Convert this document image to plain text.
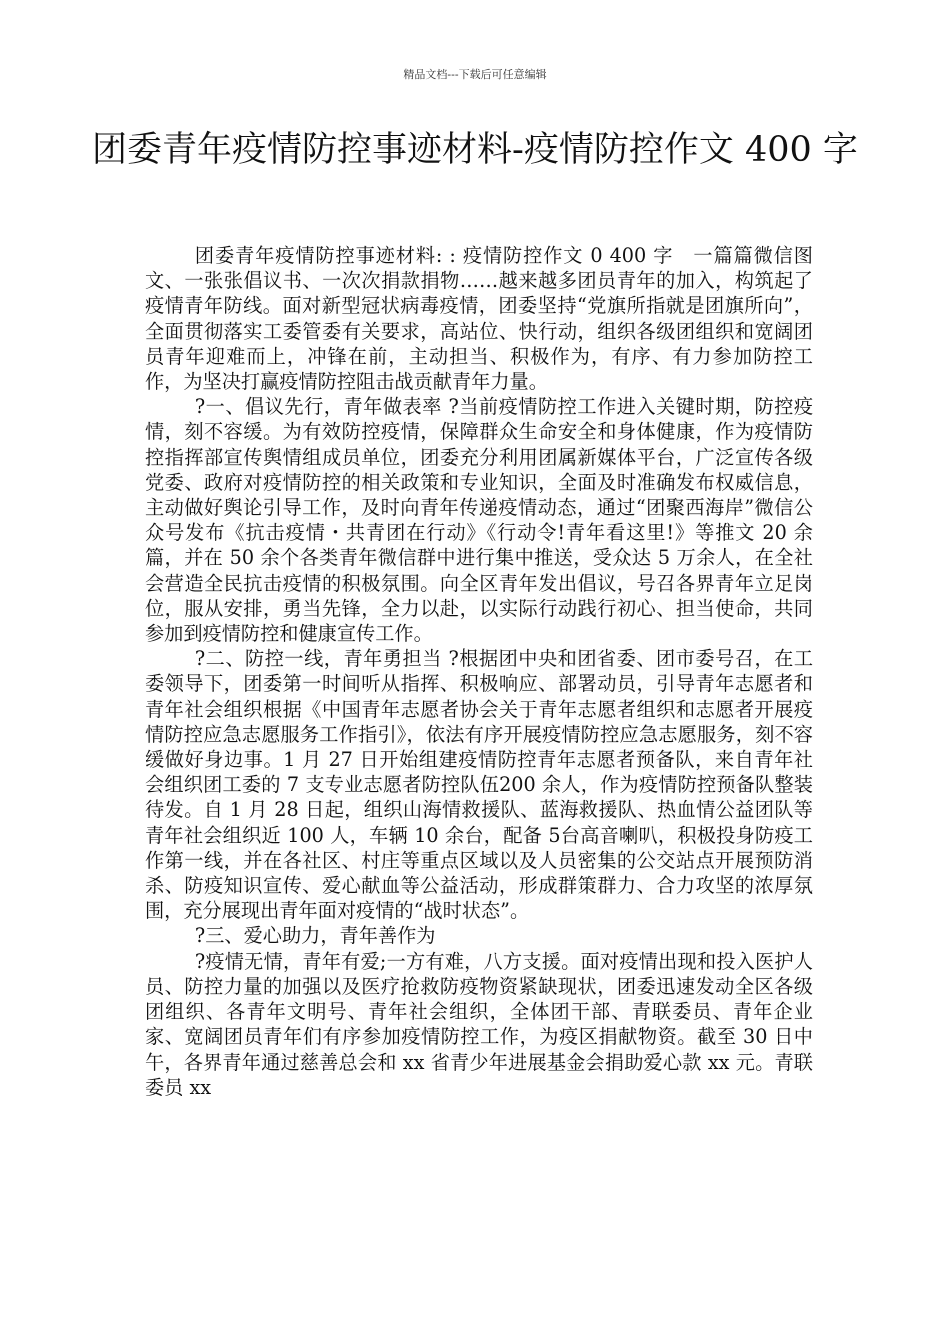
精品文档---下载后可任意编辑
团委青年疫情防控事迹材料-疫情防控作文 400 字

团委青年疫情防控事迹材料: : 疫情防控作文 0 400 字　一篇篇微信图文、一张张倡议书、一次次捐款捐物……越来越多团员青年的加入，构筑起了疫情青年防线。面对新型冠状病毒疫情，团委坚持“党旗所指就是团旗所向”，全面贯彻落实工委管委有关要求，高站位、快行动，组织各级团组织和宽阔团员青年迎难而上，冲锋在前，主动担当、积极作为，有序、有力参加防控工作，为坚决打赢疫情防控阻击战贡献青年力量。

?一、倡议先行，青年做表率 ?当前疫情防控工作进入关键时期，防控疫情，刻不容缓。为有效防控疫情，保障群众生命安全和身体健康，作为疫情防控指挥部宣传舆情组成员单位，团委充分利用团属新媒体平台，广泛宣传各级党委、政府对疫情防控的相关政策和专业知识，全面及时准确发布权威信息，主动做好舆论引导工作，及时向青年传递疫情动态，通过“团聚西海岸”微信公众号发布《抗击疫情・共青团在行动》《行动令!青年看这里!》等推文 20 余篇，并在 50 余个各类青年微信群中进行集中推送，受众达 5 万余人，在全社会营造全民抗击疫情的积极氛围。向全区青年发出倡议，号召各界青年立足岗位，服从安排，勇当先锋，全力以赴，以实际行动践行初心、担当使命，共同参加到疫情防控和健康宣传工作。

?二、防控一线，青年勇担当 ?根据团中央和团省委、团市委号召，在工委领导下，团委第一时间听从指挥、积极响应、部署动员，引导青年志愿者和青年社会组织根据《中国青年志愿者协会关于青年志愿者组织和志愿者开展疫情防控应急志愿服务工作指引》，依法有序开展疫情防控应急志愿服务，刻不容缓做好身边事。1 月 27 日开始组建疫情防控青年志愿者预备队，来自青年社会组织团工委的 7 支专业志愿者防控队伍200 余人，作为疫情防控预备队整装待发。自 1 月 28 日起，组织山海情救援队、蓝海救援队、热血情公益团队等青年社会组织近 100 人，车辆 10 余台，配备 5台高音喇叭，积极投身防疫工作第一线，并在各社区、村庄等重点区域以及人员密集的公交站点开展预防消杀、防疫知识宣传、爱心献血等公益活动，形成群策群力、合力攻坚的浓厚氛围，充分展现出青年面对疫情的“战时状态”。

?三、爱心助力，青年善作为

?疫情无情，青年有爱;一方有难，八方支援。面对疫情出现和投入医护人员、防控力量的加强以及医疗抢救防疫物资紧缺现状，团委迅速发动全区各级团组织、各青年文明号、青年社会组织，全体团干部、青联委员、青年企业家、宽阔团员青年们有序参加疫情防控工作，为疫区捐献物资。截至 30 日中午，各界青年通过慈善总会和 xx 省青少年进展基金会捐助爱心款 xx 元。青联委员 xx
